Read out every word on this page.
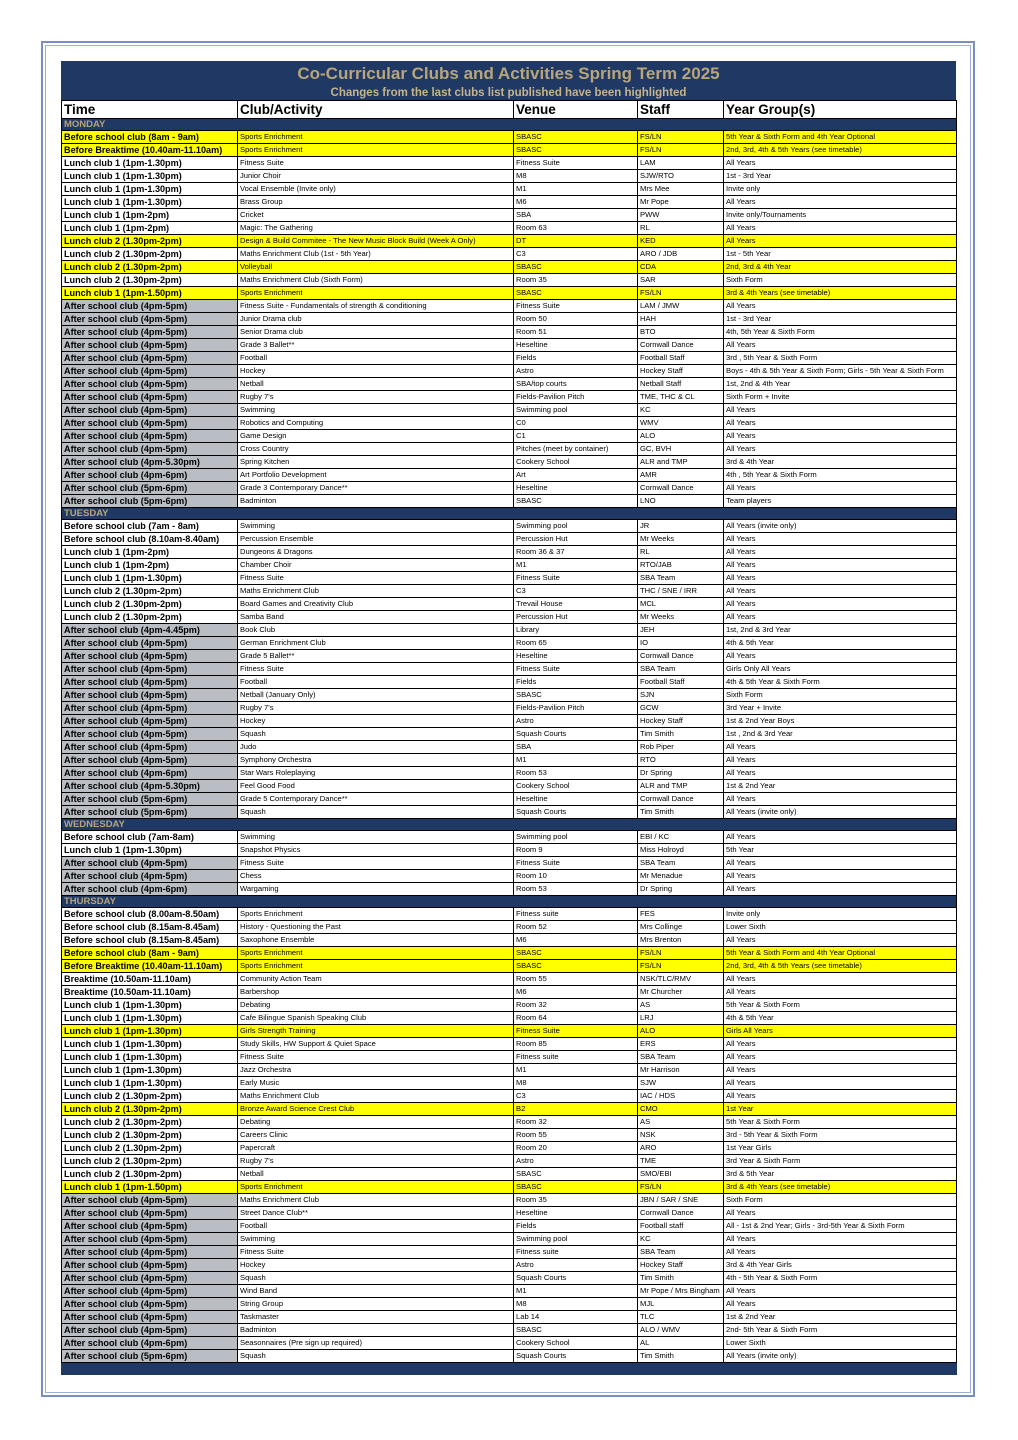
Co-Curricular Clubs and Activities Spring Term 2025
Changes from the last clubs list published have been highlighted
Time	Club/Activity	Venue	Staff	Year Group(s)
MONDAY				
Before school club (8am - 9am)	Sports Enrichment	SBASC	FS/LN	5th Year & Sixth Form and 4th Year Optional
Before Breaktime (10.40am-11.10am)	Sports Enrichment	SBASC	FS/LN	2nd, 3rd, 4th & 5th Years (see timetable)
Lunch club 1 (1pm-1.30pm)	Fitness Suite	Fitness Suite	LAM	All Years
Lunch club 1 (1pm-1.30pm)	Junior Choir	M8	SJW/RTO	1st - 3rd Year
Lunch club 1 (1pm-1.30pm)	Vocal Ensemble (Invite only)	M1	Mrs Mee	Invite only
Lunch club 1 (1pm-1.30pm)	Brass Group	M6	Mr Pope	All Years
Lunch club 1 (1pm-2pm)	Cricket	SBA	PWW	Invite only/Tournaments
Lunch club 1 (1pm-2pm)	Magic: The Gathering	Room 63	RL	All Years
Lunch club 2 (1.30pm-2pm)	Design & Build Commitee - The New Music Block Build (Week A Only)	DT	KED	All Years
Lunch club 2 (1.30pm-2pm)	Maths Enrichment Club (1st - 5th Year)	C3	ARO / JDB	1st - 5th Year
Lunch club 2 (1.30pm-2pm)	Volleyball	SBASC	CDA	2nd, 3rd & 4th Year
Lunch club 2 (1.30pm-2pm)	Maths Enrichment Club (Sixth Form)	Room 35	SAR	Sixth Form
Lunch club 1 (1pm-1.50pm)	Sports Enrichment	SBASC	FS/LN	3rd & 4th Years (see timetable)
After school club (4pm-5pm)	Fitness Suite - Fundamentals of strength & conditioning	Fitness Suite	LAM / JMW	All Years
After school club (4pm-5pm)	Junior Drama club	Room 50	HAH	1st - 3rd Year
After school club (4pm-5pm)	Senior Drama club	Room 51	BTO	4th, 5th Year & Sixth Form
After school club (4pm-5pm)	Grade 3 Ballet**	Heseltine	Cornwall Dance	All Years
After school club (4pm-5pm)	Football	Fields	Football Staff	3rd , 5th Year & Sixth Form
After school club (4pm-5pm)	Hockey	Astro	Hockey Staff	Boys - 4th & 5th Year & Sixth Form; Girls - 5th Year & Sixth Form
After school club (4pm-5pm)	Netball	SBA/top courts	Netball Staff	1st, 2nd & 4th Year
After school club (4pm-5pm)	Rugby 7's	Fields-Pavilion Pitch	TME, THC & CL	Sixth Form + Invite
After school club (4pm-5pm)	Swimming	Swimming pool	KC	All Years
After school club (4pm-5pm)	Robotics and Computing	C0	WMV	All Years
After school club (4pm-5pm)	Game Design	C1	ALO	All Years
After school club (4pm-5pm)	Cross Country	Pitches (meet by container)	GC, BVH	All Years
After school club (4pm-5.30pm)	Spring Kitchen	Cookery School	ALR and TMP	3rd & 4th Year
After school club (4pm-6pm)	Art Portfolio Development	Art	AMR	4th , 5th Year & Sixth Form
After school club (5pm-6pm)	Grade 3 Contemporary Dance**	Heseltine	Cornwall Dance	All Years
After school club (5pm-6pm)	Badminton	SBASC	LNO	Team players
TUESDAY				
Before school club (7am - 8am)	Swimming	Swimming pool	JR	All Years (invite only)
Before school club (8.10am-8.40am)	Percussion Ensemble	Percussion Hut	Mr Weeks	All Years
Lunch club 1 (1pm-2pm)	Dungeons & Dragons	Room 36 & 37	RL	All Years
Lunch club 1 (1pm-2pm)	Chamber Choir	M1	RTO/JAB	All Years
Lunch club 1 (1pm-1.30pm)	Fitness Suite	Fitness Suite	SBA Team	All Years
Lunch club 2 (1.30pm-2pm)	Maths Enrichment Club	C3	THC / SNE / IRR	All Years
Lunch club 2 (1.30pm-2pm)	Board Games and Creativity Club	Trevail House	MCL	All Years
Lunch club 2 (1.30pm-2pm)	Samba Band	Percussion Hut	Mr Weeks	All Years
After school club (4pm-4.45pm)	Book Club	Library	JEH	1st, 2nd & 3rd Year
After school club (4pm-5pm)	German Enrichment Club	Room 65	IO	4th & 5th Year
After school club (4pm-5pm)	Grade 5 Ballet**	Heseltine	Cornwall Dance	All Years
After school club (4pm-5pm)	Fitness Suite	Fitness Suite	SBA Team	Girls Only All Years
After school club (4pm-5pm)	Football	Fields	Football Staff	4th & 5th Year & Sixth Form
After school club (4pm-5pm)	Netball (January Only)	SBASC	SJN	Sixth Form
After school club (4pm-5pm)	Rugby 7's	Fields-Pavilion Pitch	GCW	3rd Year + Invite
After school club (4pm-5pm)	Hockey	Astro	Hockey Staff	1st & 2nd Year Boys
After school club (4pm-5pm)	Squash	Squash Courts	Tim Smith	1st , 2nd & 3rd Year
After school club (4pm-5pm)	Judo	SBA	Rob Piper	All Years
After school club (4pm-5pm)	Symphony Orchestra	M1	RTO	All Years
After school club (4pm-6pm)	Star Wars Roleplaying	Room 53	Dr Spring	All Years
After school club (4pm-5.30pm)	Feel Good Food	Cookery School	ALR and TMP	1st & 2nd Year
After school club (5pm-6pm)	Grade 5 Contemporary Dance**	Heseltine	Cornwall Dance	All Years
After school club (5pm-6pm)	Squash	Squash Courts	Tim Smith	All Years (invite only)
WEDNESDAY				
Before school club (7am-8am)	Swimming	Swimming pool	EBI / KC	All Years
Lunch club 1 (1pm-1.30pm)	Snapshot Physics	Room 9	Miss Holroyd	5th Year
After school club (4pm-5pm)	Fitness Suite	Fitness Suite	SBA Team	All Years
After school club (4pm-5pm)	Chess	Room 10	Mr Menadue	All Years
After school club (4pm-6pm)	Wargaming	Room 53	Dr Spring	All Years
THURSDAY				
Before school club (8.00am-8.50am)	Sports Enrichment	Fitness suite	FES	Invite only
Before school club (8.15am-8.45am)	History - Questioning the Past	Room 52	Mrs Collinge	Lower Sixth
Before school club (8.15am-8.45am)	Saxophone Ensemble	M6	Mrs Brenton	All Years
Before school club (8am - 9am)	Sports Enrichment	SBASC	FS/LN	5th Year & Sixth Form and 4th Year Optional
Before Breaktime (10.40am-11.10am)	Sports Enrichment	SBASC	FS/LN	2nd, 3rd, 4th & 5th Years (see timetable)
Breaktime (10.50am-11.10am)	Community Action Team	Room 55	NSK/TLC/RMV	All Years
Breaktime (10.50am-11.10am)	Barbershop	M6	Mr Churcher	All Years
Lunch club 1 (1pm-1.30pm)	Debating	Room 32	AS	5th Year & Sixth Form
Lunch club 1 (1pm-1.30pm)	Cafe Bilingue Spanish Speaking Club	Room 64	LRJ	4th & 5th Year
Lunch club 1 (1pm-1.30pm)	Girls Strength Training	Fitness Suite	ALO	Girls All Years
Lunch club 1 (1pm-1.30pm)	Study Skills, HW Support & Quiet Space	Room 85	ERS	All Years
Lunch club 1 (1pm-1.30pm)	Fitness Suite	Fitness suite	SBA Team	All Years
Lunch club 1 (1pm-1.30pm)	Jazz Orchestra	M1	Mr Harrison	All Years
Lunch club 1 (1pm-1.30pm)	Early Music	M8	SJW	All Years
Lunch club 2 (1.30pm-2pm)	Maths Enrichment Club	C3	IAC / HDS	All Years
Lunch club 2 (1.30pm-2pm)	Bronze Award Science Crest Club	B2	CMO	1st Year
Lunch club 2 (1.30pm-2pm)	Debating	Room 32	AS	5th Year & Sixth Form
Lunch club 2 (1.30pm-2pm)	Careers Clinic	Room 55	NSK	3rd - 5th Year & Sixth Form
Lunch club 2 (1.30pm-2pm)	Papercraft	Room 20	ARO	1st Year Girls
Lunch club 2 (1.30pm-2pm)	Rugby 7's	Astro	TME	3rd Year & Sixth Form
Lunch club 2 (1.30pm-2pm)	Netball	SBASC	SMO/EBI	3rd & 5th Year
Lunch club 1 (1pm-1.50pm)	Sports Enrichment	SBASC	FS/LN	3rd & 4th Years (see timetable)
After school club (4pm-5pm)	Maths Enrichment Club	Room 35	JBN / SAR / SNE	Sixth Form
After school club (4pm-5pm)	Street Dance Club**	Heseltine	Cornwall Dance	All Years
After school club (4pm-5pm)	Football	Fields	Football staff	All - 1st & 2nd Year; Girls - 3rd-5th Year & Sixth Form
After school club (4pm-5pm)	Swimming	Swimming pool	KC	All Years
After school club (4pm-5pm)	Fitness Suite	Fitness suite	SBA Team	All Years
After school club (4pm-5pm)	Hockey	Astro	Hockey Staff	3rd & 4th Year Girls
After school club (4pm-5pm)	Squash	Squash Courts	Tim Smith	4th - 5th Year & Sixth Form
After school club (4pm-5pm)	Wind Band	M1	Mr Pope / Mrs Bingham	All Years
After school club (4pm-5pm)	String Group	M8	MJL	All Years
After school club (4pm-5pm)	Taskmaster	Lab 14	TLC	1st & 2nd Year
After school club (4pm-5pm)	Badminton	SBASC	ALO / WMV	2nd- 5th Year & Sixth Form
After school club (4pm-6pm)	Seasonnaires (Pre sign up required)	Cookery School	AL	Lower Sixth
After school club (5pm-6pm)	Squash	Squash Courts	Tim Smith	All Years (invite only)
